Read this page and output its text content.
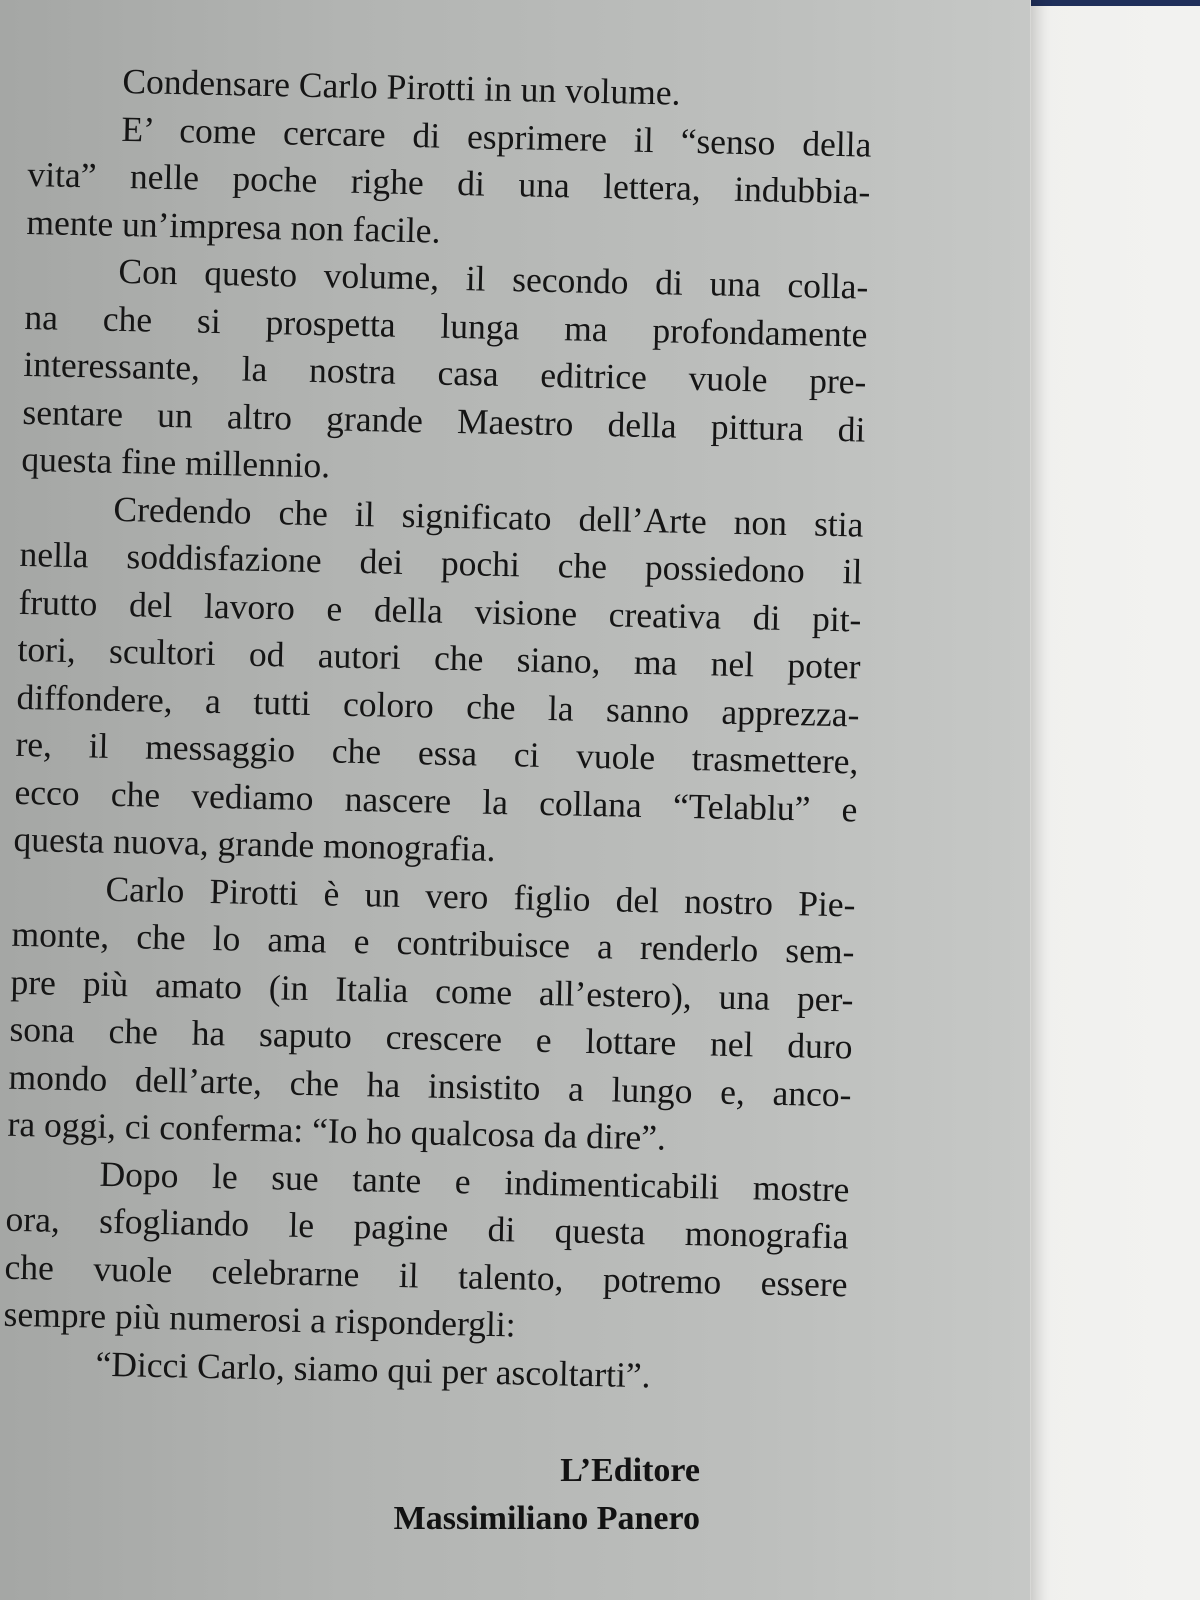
Condensare Carlo Pirotti in un volume.
E’ come cercare di esprimere il “senso della
vita” nelle poche righe di una lettera, indubbia-
mente un’impresa non facile.
Con questo volume, il secondo di una colla-
na che si prospetta lunga ma profondamente
interessante, la nostra casa editrice vuole pre-
sentare un altro grande Maestro della pittura di
questa fine millennio.
Credendo che il significato dell’Arte non stia
nella soddisfazione dei pochi che possiedono il
frutto del lavoro e della visione creativa di pit-
tori, scultori od autori che siano, ma nel poter
diffondere, a tutti coloro che la sanno apprezza-
re, il messaggio che essa ci vuole trasmettere,
ecco che vediamo nascere la collana “Telablu” e
questa nuova, grande monografia.
Carlo Pirotti è un vero figlio del nostro Pie-
monte, che lo ama e contribuisce a renderlo sem-
pre più amato (in Italia come all’estero), una per-
sona che ha saputo crescere e lottare nel duro
mondo dell’arte, che ha insistito a lungo e, anco-
ra oggi, ci conferma: “Io ho qualcosa da dire”.
Dopo le sue tante e indimenticabili mostre
ora, sfogliando le pagine di questa monografia
che vuole celebrarne il talento, potremo essere
sempre più numerosi a rispondergli:
“Dicci Carlo, siamo qui per ascoltarti”.
L’Editore
Massimiliano Panero
